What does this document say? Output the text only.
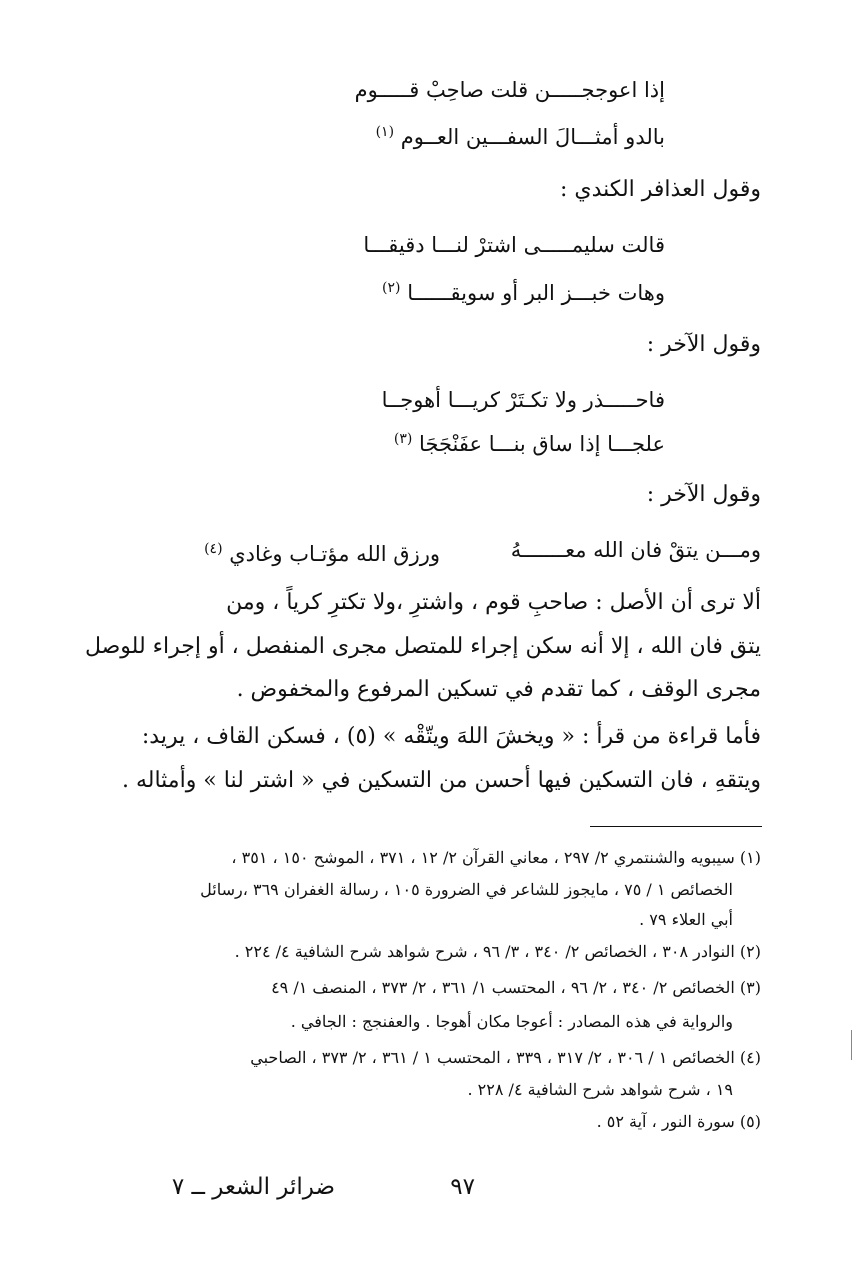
إذا اعوججـــــن قلت صاحِبْ قـــــوم
بالدو أمثـــالَ السفـــين العــوم $^{(١)}$
وقول العذافر الكندي :
قالت سليمـــــى اشترْ لنـــا دقيقـــا
وهات خبـــز البر أو سويقــــــا $^{(٢)}$
وقول الآخر :
فاحـــــذر ولا تكـتَرْ كريـــا أهوجــا
علجـــا إذا ساق بنـــا عفَنْجَجَا $^{(٣)}$
وقول الآخر :
ومـــن يتقْ فان الله معـــــــهُ
ورزق الله مؤتـاب وغادي $^{(٤)}$
ألا ترى أن الأصل : صاحبِ قوم ، واشترِ ،ولا تكترِ كرياً ، ومن
يتق فان الله ، إلا أنه سكن إجراء للمتصل مجرى المنفصل ، أو إجراء للوصل
مجرى الوقف ، كما تقدم في تسكين المرفوع والمخفوض .
فأما قراءة من قرأ : « ويخشَ اللهَ ويتّقْه » (٥) ، فسكن القاف ، يريد:
ويتقهِ ، فان التسكين فيها أحسن من التسكين في « اشتر لنا » وأمثاله .
(١) سيبويه والشنتمري ٢/ ٢٩٧ ، معاني القرآن ٢/ ١٢ ، ٣٧١ ، الموشح ١٥٠ ، ٣٥١ ،
الخصائص ١ / ٧٥ ، مايجوز للشاعر في الضرورة ١٠٥ ، رسالة الغفران ٣٦٩ ،رسائل
أبي العلاء ٧٩ .
(٢) النوادر ٣٠٨ ، الخصائص ٢/ ٣٤٠ ، ٣/ ٩٦ ، شرح شواهد شرح الشافية ٤/ ٢٢٤ .
(٣) الخصائص ٢/ ٣٤٠ ، ٢/ ٩٦ ، المحتسب ١/ ٣٦١ ، ٢/ ٣٧٣ ، المنصف ١/ ٤٩
والرواية في هذه المصادر : أعوجا مكان أهوجا . والعفنجج : الجافي .
(٤) الخصائص ١ / ٣٠٦ ، ٢/ ٣١٧ ، ٣٣٩ ، المحتسب ١ / ٣٦١ ، ٢/ ٣٧٣ ، الصاحبي
١٩ ، شرح شواهد شرح الشافية ٤/ ٢٢٨ .
(٥) سورة النور ، آية ٥٢ .
٩٧
ضرائر الشعر ــ ٧
